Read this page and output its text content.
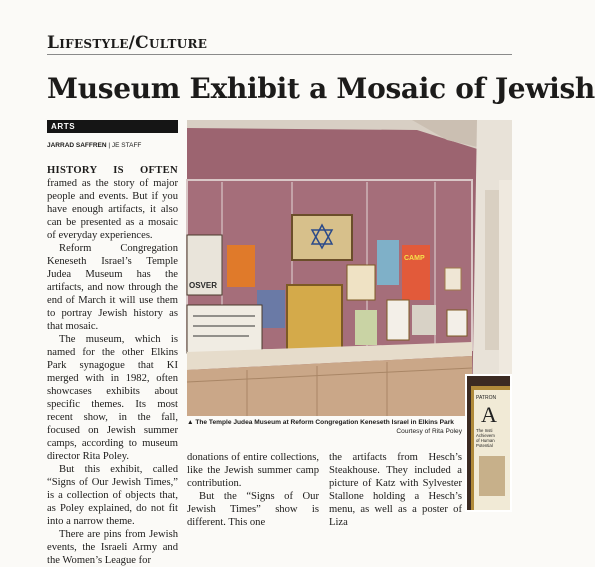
Lifestyle/Culture
Museum Exhibit a Mosaic of Jewish
ARTS
JARRAD SAFFREN | JE STAFF

HISTORY IS OFTEN framed as the story of major people and events. But if you have enough artifacts, it also can be presented as a mosaic of everyday experiences.

Reform Congregation Keneseth Israel’s Temple Judea Museum has the artifacts, and now through the end of March it will use them to portray Jewish history as that mosaic.

The museum, which is named for the other Elkins Park synagogue that KI merged with in 1982, often showcases exhibits about specific themes. Its most recent show, in the fall, focused on Jewish summer camps, according to museum director Rita Poley.

But this exhibit, called “Signs of Our Jewish Times,” is a collection of objects that, as Poley explained, do not fit into a narrow theme.

There are pins from Jewish events, the Israeli Army and the Women’s League for

donations of entire collections, like the Jewish summer camp contribution.

But the “Signs of Our Jewish Times” show is different. This one

the artifacts from Hesch’s Steakhouse. They included a picture of Katz with Sylvester Stallone holding a Hesch’s menu, as well as a poster of Liza

OSVER
CAMP
▲ The Temple Judea Museum at Reform Congregation Keneseth Israel in Elkins Park
Courtesy of Rita Poley
PATRON
A
The Insti
Achievem
of Human
Potential
